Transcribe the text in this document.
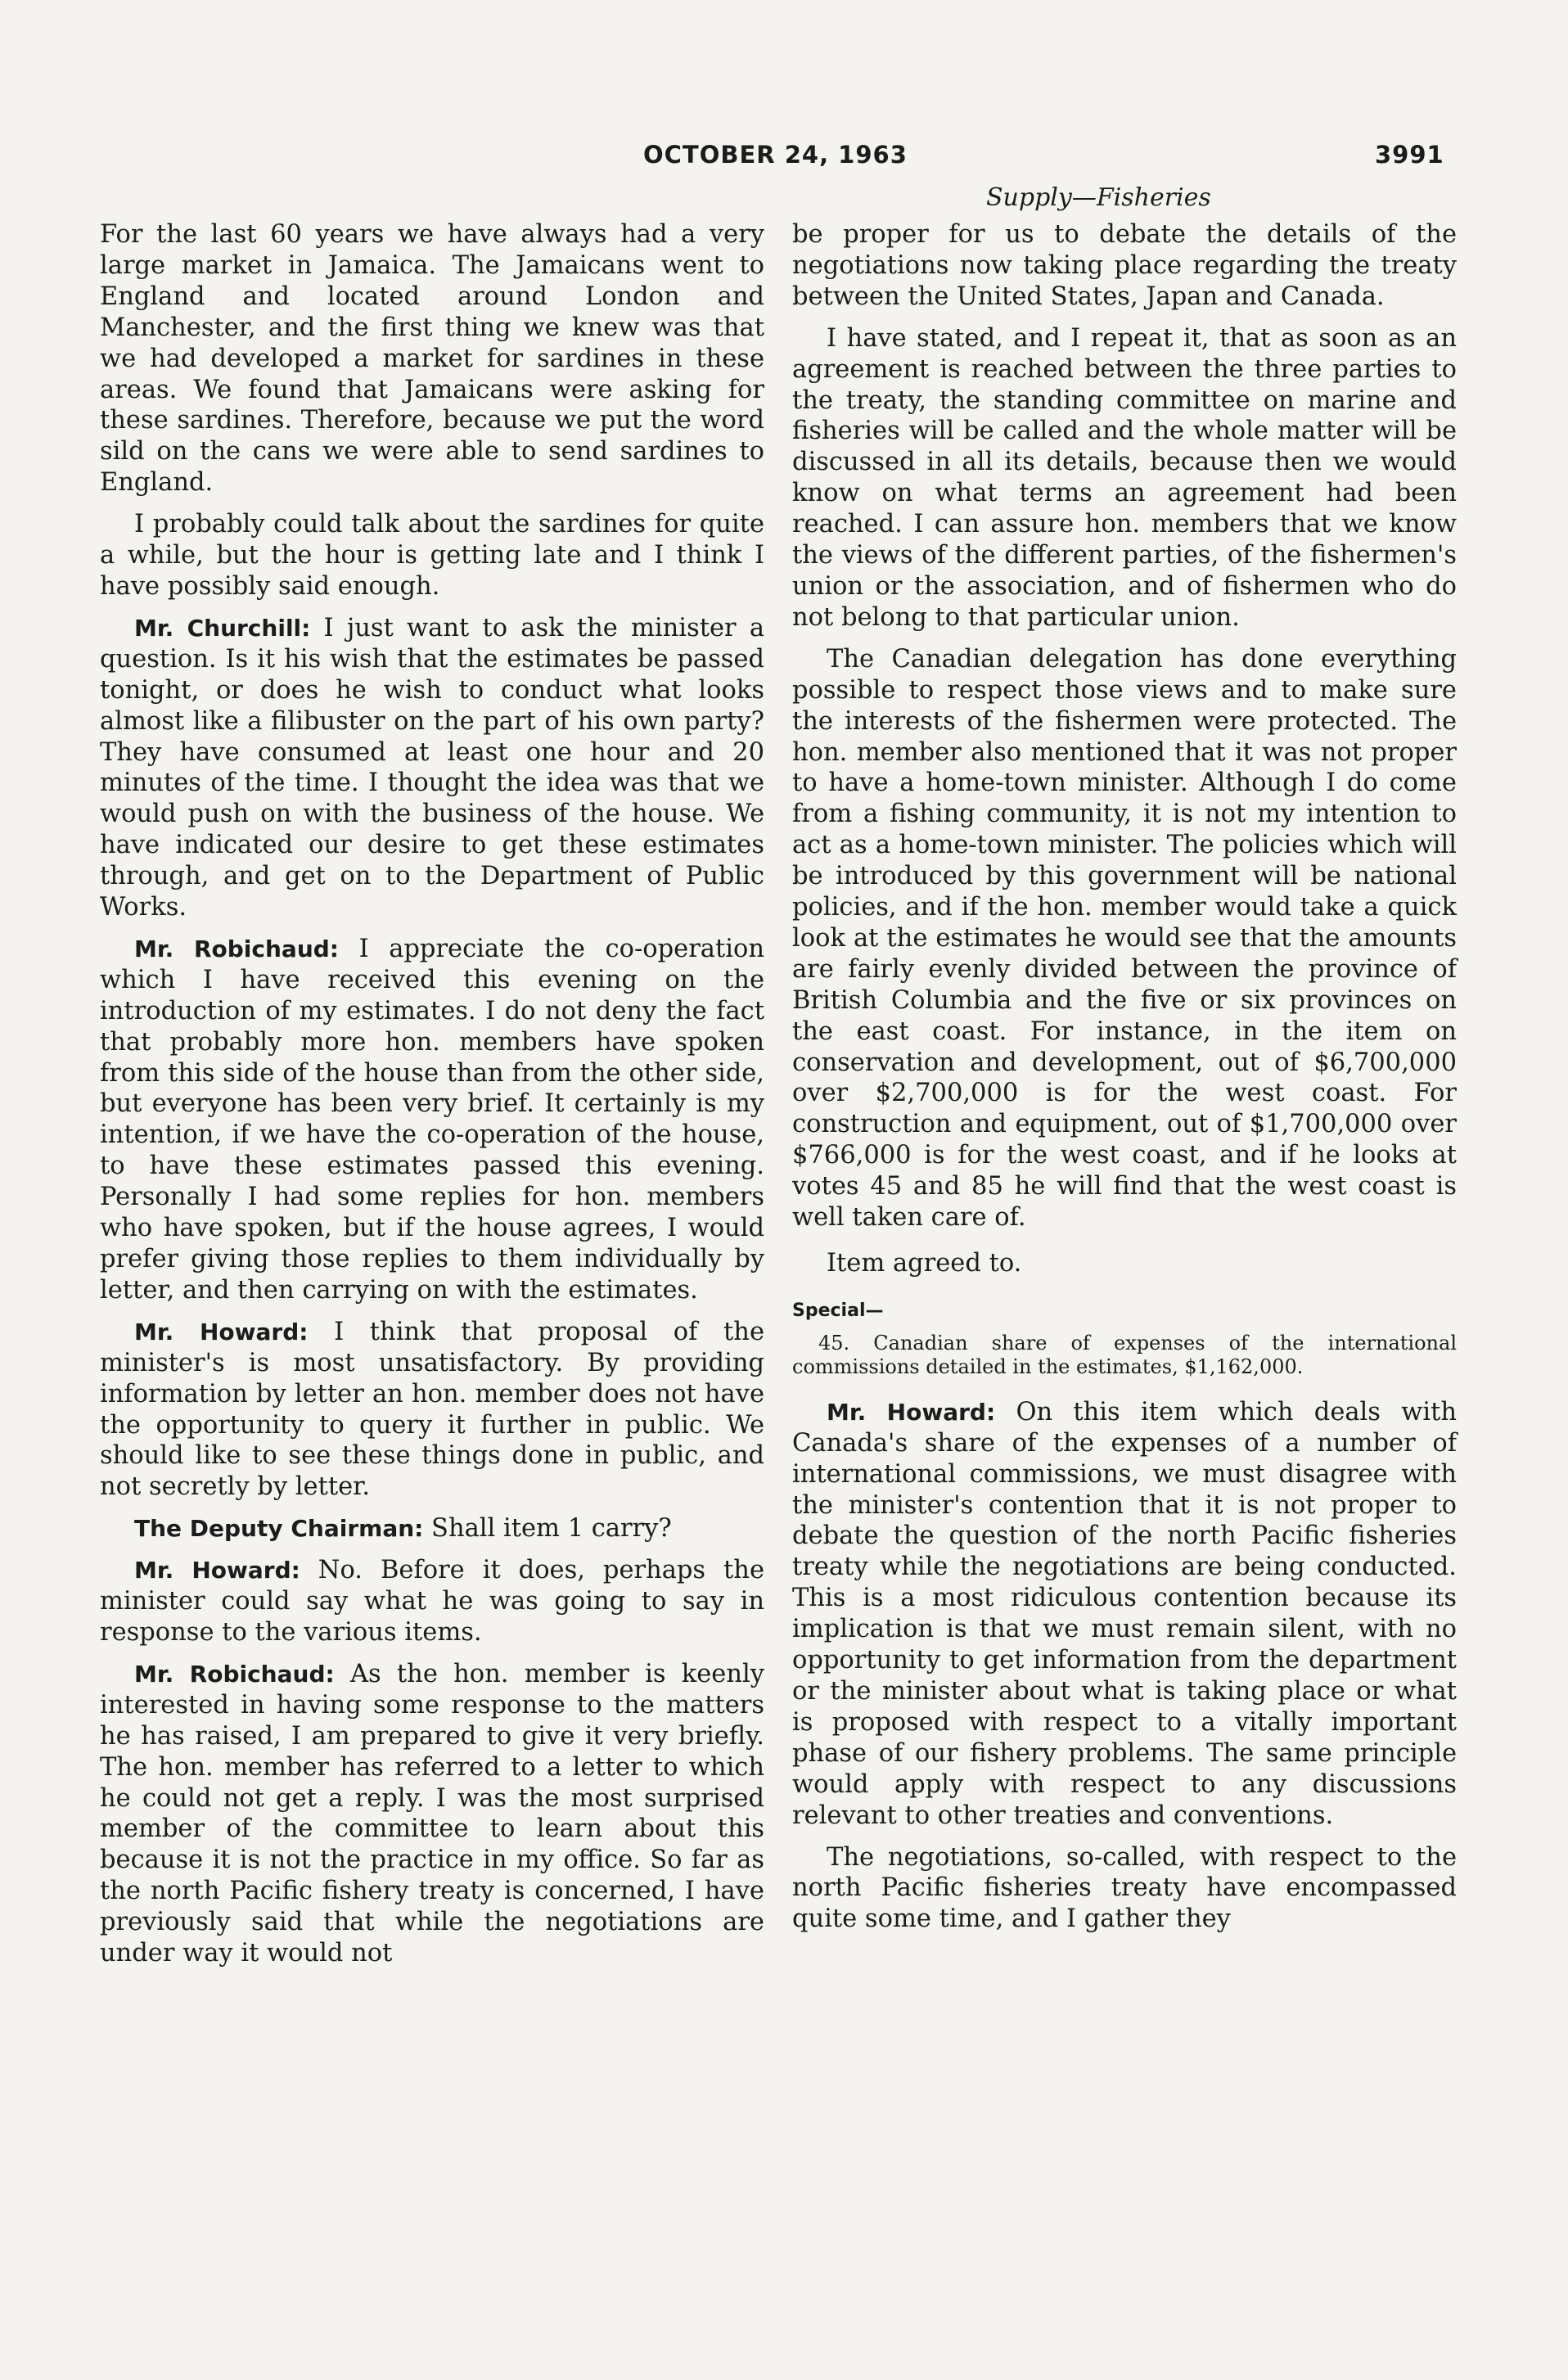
OCTOBER 24, 1963	3991
Supply—Fisheries

For the last 60 years we have always had a very large market in Jamaica. The Jamaicans went to England and located around London and Manchester, and the first thing we knew was that we had developed a market for sardines in these areas. We found that Jamaicans were asking for these sardines. Therefore, because we put the word sild on the cans we were able to send sardines to England.

I probably could talk about the sardines for quite a while, but the hour is getting late and I think I have possibly said enough.

Mr. Churchill: I just want to ask the minister a question. Is it his wish that the estimates be passed tonight, or does he wish to conduct what looks almost like a filibuster on the part of his own party? They have consumed at least one hour and 20 minutes of the time. I thought the idea was that we would push on with the business of the house. We have indicated our desire to get these estimates through, and get on to the Department of Public Works.

Mr. Robichaud: I appreciate the co-operation which I have received this evening on the introduction of my estimates. I do not deny the fact that probably more hon. members have spoken from this side of the house than from the other side, but everyone has been very brief. It certainly is my intention, if we have the co-operation of the house, to have these estimates passed this evening. Personally I had some replies for hon. members who have spoken, but if the house agrees, I would prefer giving those replies to them individually by letter, and then carrying on with the estimates.

Mr. Howard: I think that proposal of the minister's is most unsatisfactory. By providing information by letter an hon. member does not have the opportunity to query it further in public. We should like to see these things done in public, and not secretly by letter.

The Deputy Chairman: Shall item 1 carry?

Mr. Howard: No. Before it does, perhaps the minister could say what he was going to say in response to the various items.

Mr. Robichaud: As the hon. member is keenly interested in having some response to the matters he has raised, I am prepared to give it very briefly. The hon. member has referred to a letter to which he could not get a reply. I was the most surprised member of the committee to learn about this because it is not the practice in my office. So far as the north Pacific fishery treaty is concerned, I have previously said that while the negotiations are under way it would not

be proper for us to debate the details of the negotiations now taking place regarding the treaty between the United States, Japan and Canada.

I have stated, and I repeat it, that as soon as an agreement is reached between the three parties to the treaty, the standing committee on marine and fisheries will be called and the whole matter will be discussed in all its details, because then we would know on what terms an agreement had been reached. I can assure hon. members that we know the views of the different parties, of the fishermen's union or the association, and of fishermen who do not belong to that particular union.

The Canadian delegation has done everything possible to respect those views and to make sure the interests of the fishermen were protected. The hon. member also mentioned that it was not proper to have a home-town minister. Although I do come from a fishing community, it is not my intention to act as a home-town minister. The policies which will be introduced by this government will be national policies, and if the hon. member would take a quick look at the estimates he would see that the amounts are fairly evenly divided between the province of British Columbia and the five or six provinces on the east coast. For instance, in the item on conservation and development, out of $6,700,000 over $2,700,000 is for the west coast. For construction and equipment, out of $1,700,000 over $766,000 is for the west coast, and if he looks at votes 45 and 85 he will find that the west coast is well taken care of.

Item agreed to.

Special—

45. Canadian share of expenses of the international commissions detailed in the estimates, $1,162,000.

Mr. Howard: On this item which deals with Canada's share of the expenses of a number of international commissions, we must disagree with the minister's contention that it is not proper to debate the question of the north Pacific fisheries treaty while the negotiations are being conducted. This is a most ridiculous contention because its implication is that we must remain silent, with no opportunity to get information from the department or the minister about what is taking place or what is proposed with respect to a vitally important phase of our fishery problems. The same principle would apply with respect to any discussions relevant to other treaties and conventions.

The negotiations, so-called, with respect to the north Pacific fisheries treaty have encompassed quite some time, and I gather they
